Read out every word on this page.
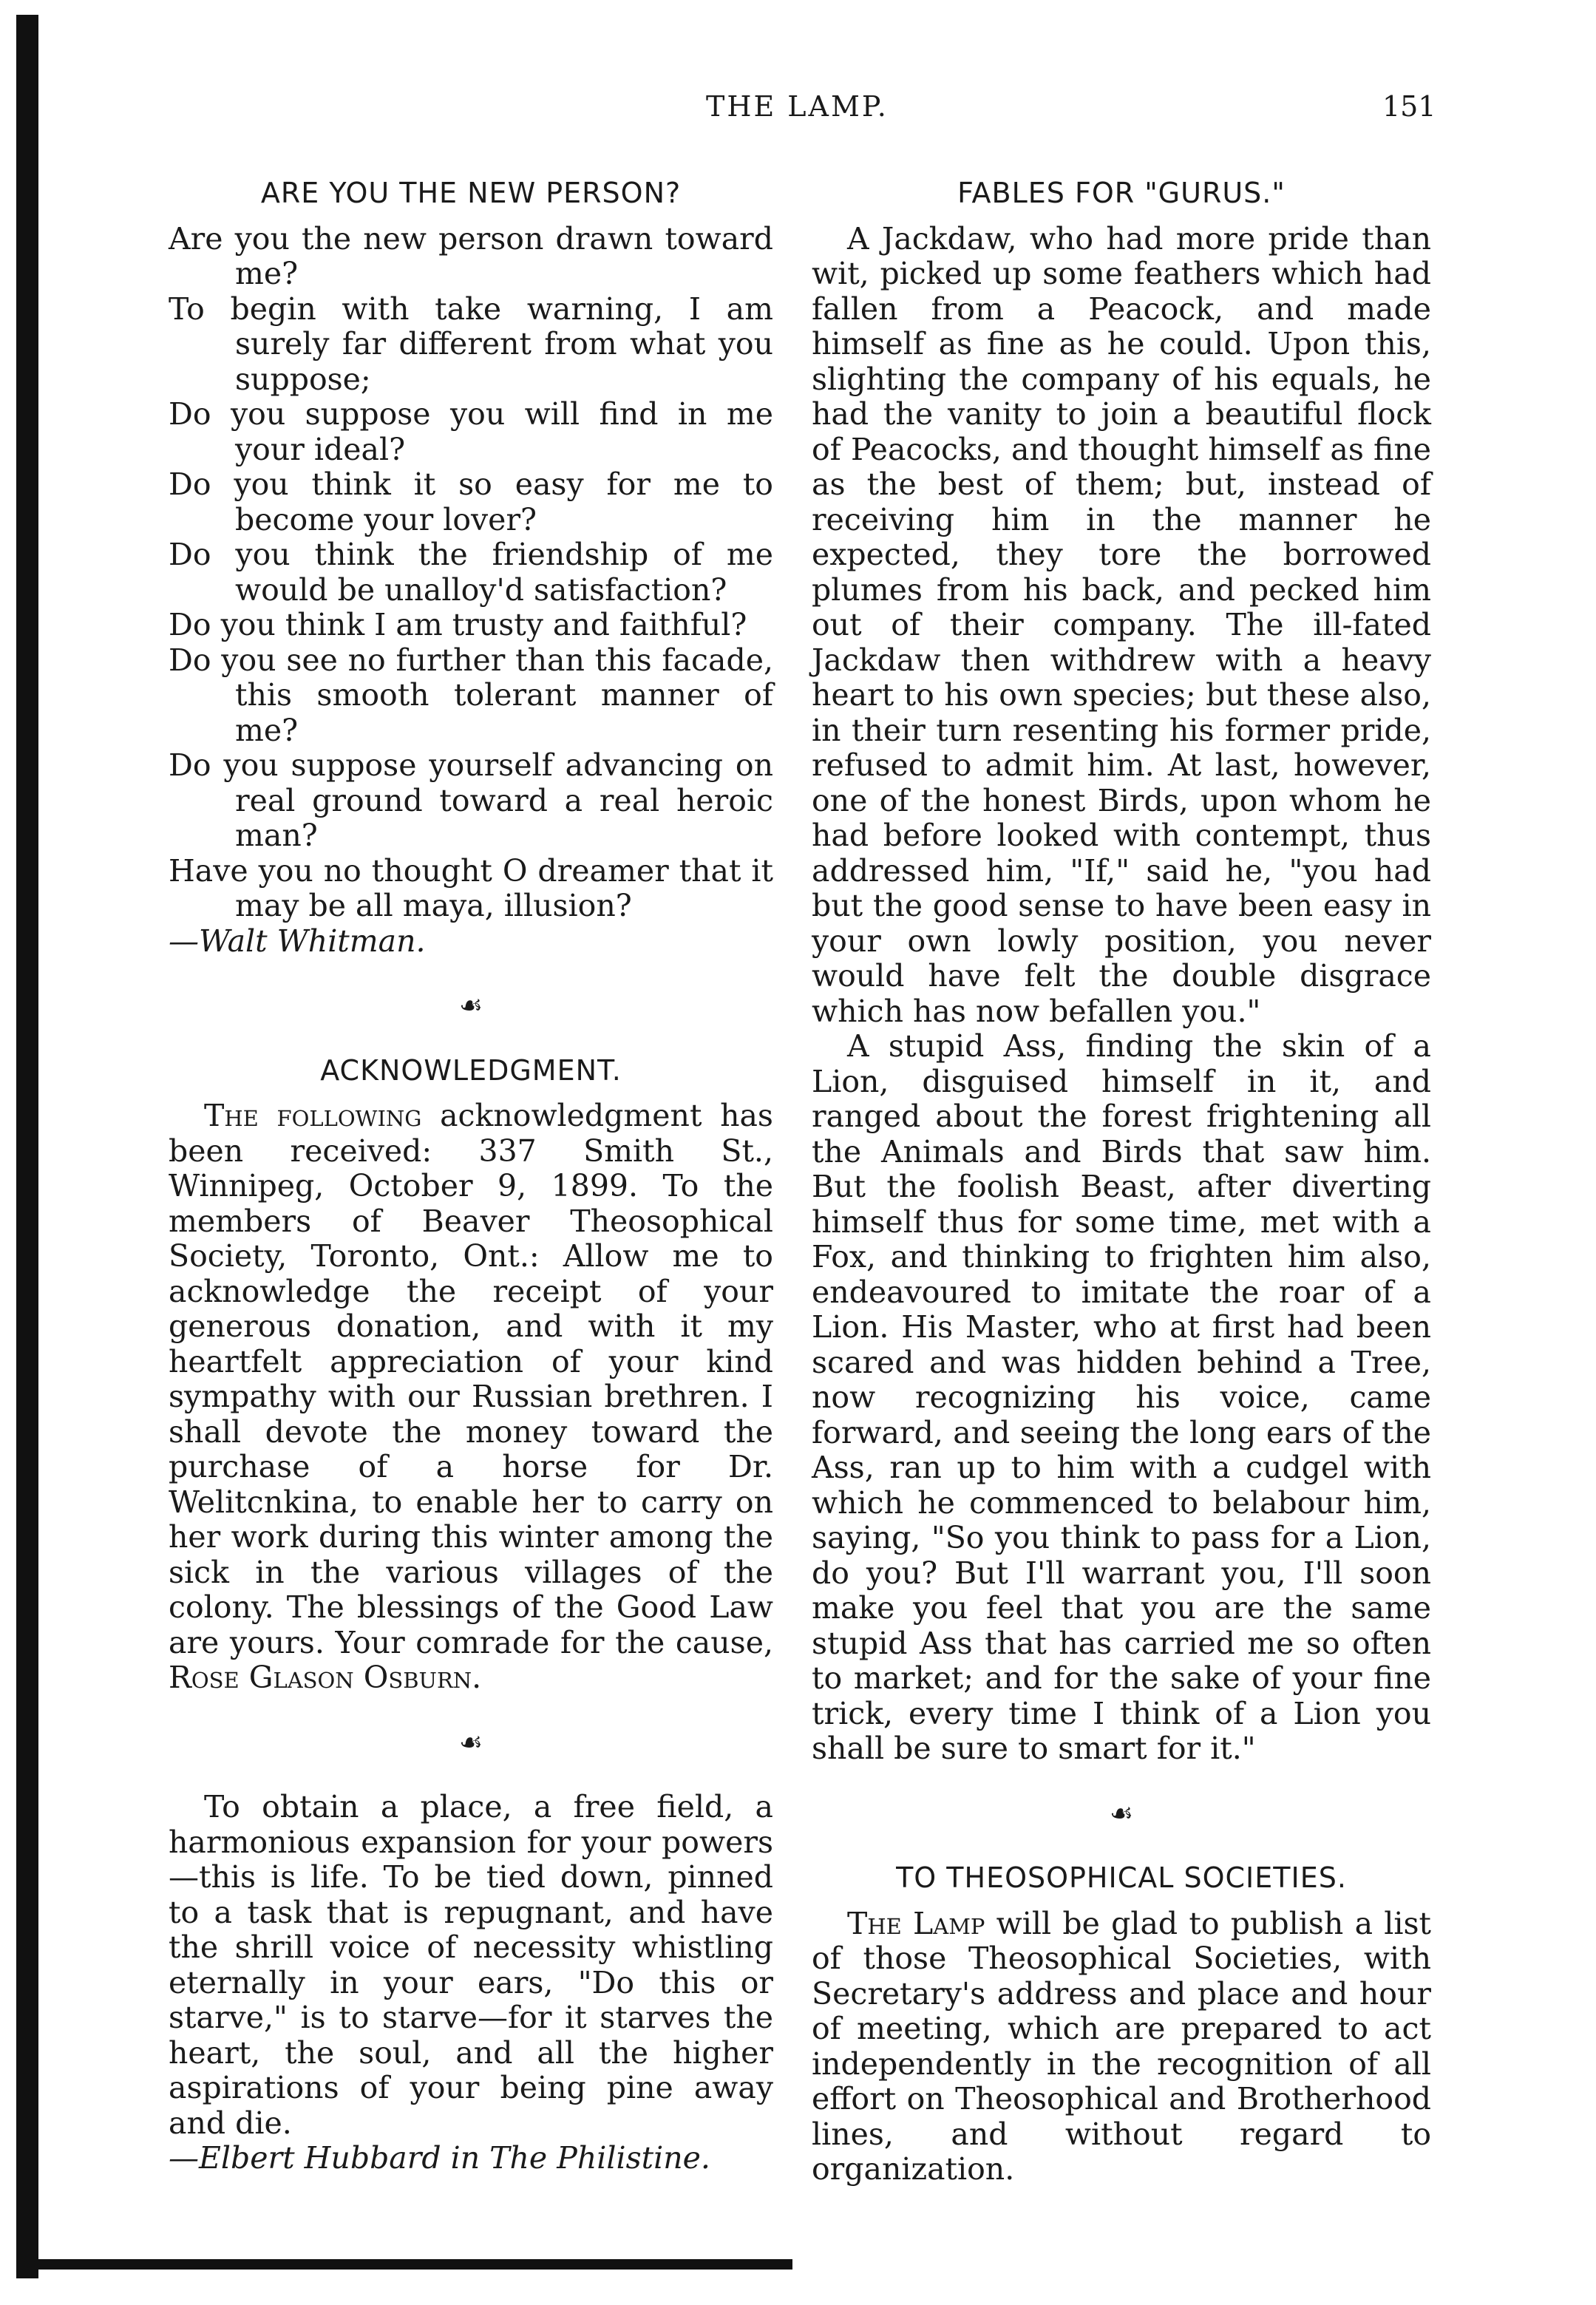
THE LAMP.	151
ARE YOU THE NEW PERSON?

Are you the new person drawn toward me?

To begin with take warning, I am surely far different from what you suppose;

Do you suppose you will find in me your ideal?

Do you think it so easy for me to become your lover?

Do you think the friendship of me would be unalloy'd satisfaction?

Do you think I am trusty and faithful?

Do you see no further than this facade, this smooth tolerant manner of me?

Do you suppose yourself advancing on real ground toward a real heroic man?

Have you no thought O dreamer that it may be all maya, illusion?

—Walt Whitman.

☙
ACKNOWLEDGMENT.

The following acknowledgment has been received: 337 Smith St., Winnipeg, October 9, 1899. To the members of Beaver Theosophical Society, Toronto, Ont.: Allow me to acknowledge the receipt of your generous donation, and with it my heartfelt appreciation of your kind sympathy with our Russian brethren. I shall devote the money toward the purchase of a horse for Dr. Welitcnkina, to enable her to carry on her work during this winter among the sick in the various villages of the colony. The blessings of the Good Law are yours. Your comrade for the cause, Rose Glason Osburn.

☙

To obtain a place, a free field, a harmonious expansion for your powers —this is life. To be tied down, pinned to a task that is repugnant, and have the shrill voice of necessity whistling eternally in your ears, "Do this or starve," is to starve—for it starves the heart, the soul, and all the higher aspirations of your being pine away and die.

—Elbert Hubbard in The Philistine.

FABLES FOR "GURUS."

A Jackdaw, who had more pride than wit, picked up some feathers which had fallen from a Peacock, and made himself as fine as he could. Upon this, slighting the company of his equals, he had the vanity to join a beautiful flock of Peacocks, and thought himself as fine as the best of them; but, instead of receiving him in the manner he expected, they tore the borrowed plumes from his back, and pecked him out of their company. The ill-fated Jackdaw then withdrew with a heavy heart to his own species; but these also, in their turn resenting his former pride, refused to admit him. At last, however, one of the honest Birds, upon whom he had before looked with contempt, thus addressed him, "If," said he, "you had but the good sense to have been easy in your own lowly position, you never would have felt the double disgrace which has now befallen you."

A stupid Ass, finding the skin of a Lion, disguised himself in it, and ranged about the forest frightening all the Animals and Birds that saw him. But the foolish Beast, after diverting himself thus for some time, met with a Fox, and thinking to frighten him also, endeavoured to imitate the roar of a Lion. His Master, who at first had been scared and was hidden behind a Tree, now recognizing his voice, came forward, and seeing the long ears of the Ass, ran up to him with a cudgel with which he commenced to belabour him, saying, "So you think to pass for a Lion, do you? But I'll warrant you, I'll soon make you feel that you are the same stupid Ass that has carried me so often to market; and for the sake of your fine trick, every time I think of a Lion you shall be sure to smart for it."

☙
TO THEOSOPHICAL SOCIETIES.

The Lamp will be glad to publish a list of those Theosophical Societies, with Secretary's address and place and hour of meeting, which are prepared to act independently in the recognition of all effort on Theosophical and Brotherhood lines, and without regard to organization.
